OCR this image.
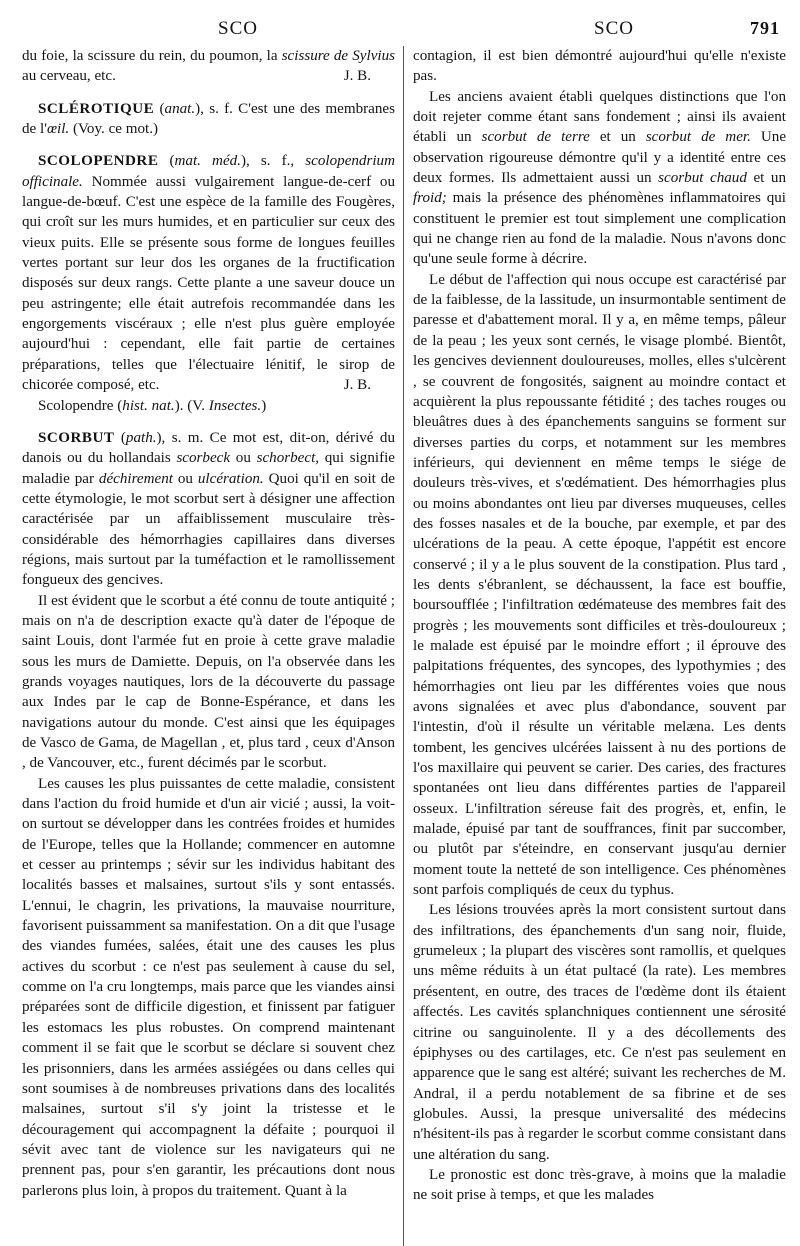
SCO	SCO	791

du foie, la scissure du rein, du poumon, la scissure de Sylvius au cerveau, etc.	J. B.

SCLÉROTIQUE (anat.), s. f. C'est une des membranes de l'œil. (Voy. ce mot.)

SCOLOPENDRE (mat. méd.), s. f., scolopendrium officinale. Nommée aussi vulgairement langue-de-cerf ou langue-de-bœuf. C'est une espèce de la famille des Fougères, qui croît sur les murs humides, et en particulier sur ceux des vieux puits. Elle se présente sous forme de longues feuilles vertes portant sur leur dos les organes de la fructification disposés sur deux rangs. Cette plante a une saveur douce un peu astringente; elle était autrefois recommandée dans les engorgements viscéraux ; elle n'est plus guère employée aujourd'hui : cependant, elle fait partie de certaines préparations, telles que l'électuaire lénitif, le sirop de chicorée composé, etc.	J. B.

Scolopendre (hist. nat.). (V. Insectes.)

SCORBUT (path.), s. m. Ce mot est, dit-on, dérivé du danois ou du hollandais scorbeck ou schorbect, qui signifie maladie par déchirement ou ulcération. Quoi qu'il en soit de cette étymologie, le mot scorbut sert à désigner une affection caractérisée par un affaiblissement musculaire très-considérable des hémorrhagies capillaires dans diverses régions, mais surtout par la tuméfaction et le ramollissement fongueux des gencives.

Il est évident que le scorbut a été connu de toute antiquité ; mais on n'a de description exacte qu'à dater de l'époque de saint Louis, dont l'armée fut en proie à cette grave maladie sous les murs de Damiette. Depuis, on l'a observée dans les grands voyages nautiques, lors de la découverte du passage aux Indes par le cap de Bonne-Espérance, et dans les navigations autour du monde. C'est ainsi que les équipages de Vasco de Gama, de Magellan , et, plus tard , ceux d'Anson , de Vancouver, etc., furent décimés par le scorbut.

Les causes les plus puissantes de cette maladie, consistent dans l'action du froid humide et d'un air vicié ; aussi, la voit-on surtout se développer dans les contrées froides et humides de l'Europe, telles que la Hollande; commencer en automne et cesser au printemps ; sévir sur les individus habitant des localités basses et malsaines, surtout s'ils y sont entassés. L'ennui, le chagrin, les privations, la mauvaise nourriture, favorisent puissamment sa manifestation. On a dit que l'usage des viandes fumées, salées, était une des causes les plus actives du scorbut : ce n'est pas seulement à cause du sel, comme on l'a cru longtemps, mais parce que les viandes ainsi préparées sont de difficile digestion, et finissent par fatiguer les estomacs les plus robustes. On comprend maintenant comment il se fait que le scorbut se déclare si souvent chez les prisonniers, dans les armées assiégées ou dans celles qui sont soumises à de nombreuses privations dans des localités malsaines, surtout s'il s'y joint la tristesse et le découragement qui accompagnent la défaite ; pourquoi il sévit avec tant de violence sur les navigateurs qui ne prennent pas, pour s'en garantir, les précautions dont nous parlerons plus loin, à propos du traitement. Quant à la

contagion, il est bien démontré aujourd'hui qu'elle n'existe pas.

Les anciens avaient établi quelques distinctions que l'on doit rejeter comme étant sans fondement ; ainsi ils avaient établi un scorbut de terre et un scorbut de mer. Une observation rigoureuse démontre qu'il y a identité entre ces deux formes. Ils admettaient aussi un scorbut chaud et un froid; mais la présence des phénomènes inflammatoires qui constituent le premier est tout simplement une complication qui ne change rien au fond de la maladie. Nous n'avons donc qu'une seule forme à décrire.

Le début de l'affection qui nous occupe est caractérisé par de la faiblesse, de la lassitude, un insurmontable sentiment de paresse et d'abattement moral. Il y a, en même temps, pâleur de la peau ; les yeux sont cernés, le visage plombé. Bientôt, les gencives deviennent douloureuses, molles, elles s'ulcèrent , se couvrent de fongosités, saignent au moindre contact et acquièrent la plus repoussante fétidité ; des taches rouges ou bleuâtres dues à des épanchements sanguins se forment sur diverses parties du corps, et notamment sur les membres inférieurs, qui deviennent en même temps le siége de douleurs très-vives, et s'œdématient. Des hémorrhagies plus ou moins abondantes ont lieu par diverses muqueuses, celles des fosses nasales et de la bouche, par exemple, et par des ulcérations de la peau. A cette époque, l'appétit est encore conservé ; il y a le plus souvent de la constipation. Plus tard , les dents s'ébranlent, se déchaussent, la face est bouffie, boursoufflée ; l'infiltration œdémateuse des membres fait des progrès ; les mouvements sont difficiles et très-douloureux ; le malade est épuisé par le moindre effort ; il éprouve des palpitations fréquentes, des syncopes, des lypothymies ; des hémorrhagies ont lieu par les différentes voies que nous avons signalées et avec plus d'abondance, souvent par l'intestin, d'où il résulte un véritable melæna. Les dents tombent, les gencives ulcérées laissent à nu des portions de l'os maxillaire qui peuvent se carier. Des caries, des fractures spontanées ont lieu dans différentes parties de l'appareil osseux. L'infiltration séreuse fait des progrès, et, enfin, le malade, épuisé par tant de souffrances, finit par succomber, ou plutôt par s'éteindre, en conservant jusqu'au dernier moment toute la netteté de son intelligence. Ces phénomènes sont parfois compliqués de ceux du typhus.

Les lésions trouvées après la mort consistent surtout dans des infiltrations, des épanchements d'un sang noir, fluide, grumeleux ; la plupart des viscères sont ramollis, et quelques uns même réduits à un état pultacé (la rate). Les membres présentent, en outre, des traces de l'œdème dont ils étaient affectés. Les cavités splanchniques contiennent une sérosité citrine ou sanguinolente. Il y a des décollements des épiphyses ou des cartilages, etc. Ce n'est pas seulement en apparence que le sang est altéré; suivant les recherches de M. Andral, il a perdu notablement de sa fibrine et de ses globules. Aussi, la presque universalité des médecins n'hésitent-ils pas à regarder le scorbut comme consistant dans une altération du sang.

Le pronostic est donc très-grave, à moins que la maladie ne soit prise à temps, et que les malades
